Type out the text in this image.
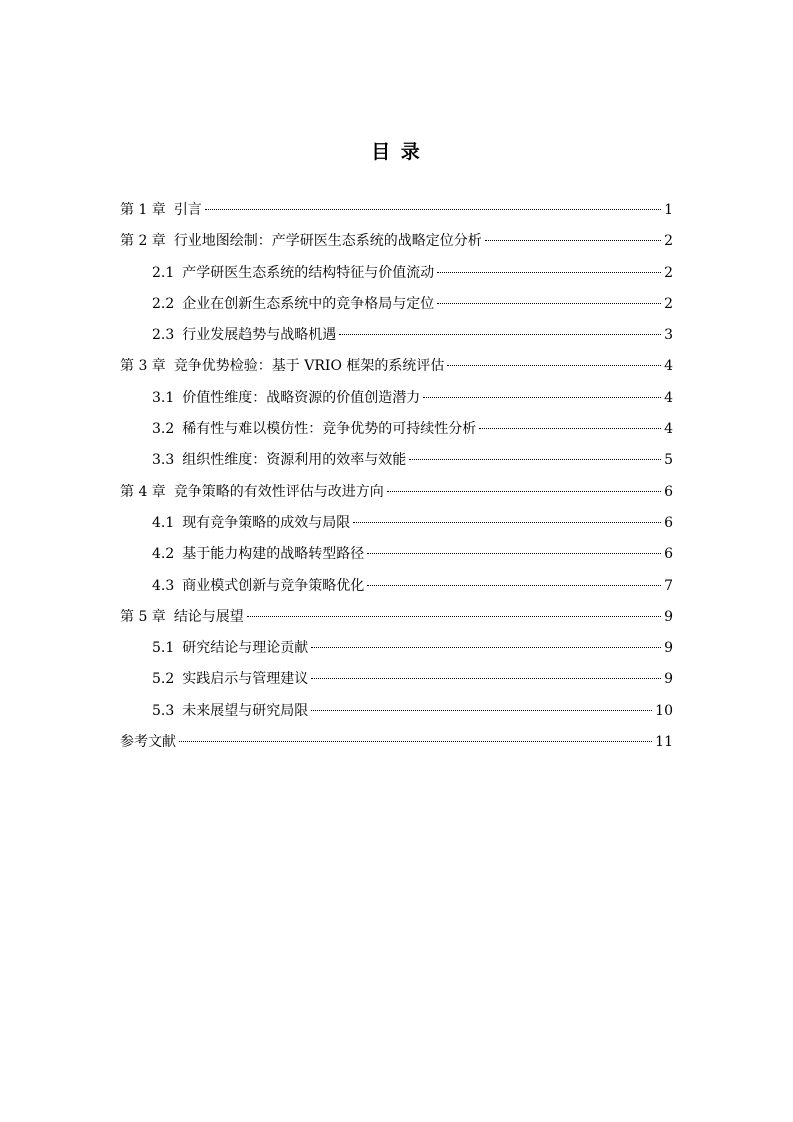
目 录
第 1 章 引言	1
第 2 章 行业地图绘制：产学研医生态系统的战略定位分析	2
2.1 产学研医生态系统的结构特征与价值流动	2
2.2 企业在创新生态系统中的竞争格局与定位	2
2.3 行业发展趋势与战略机遇	3
第 3 章 竞争优势检验：基于 VRIO 框架的系统评估	4
3.1 价值性维度：战略资源的价值创造潜力	4
3.2 稀有性与难以模仿性：竞争优势的可持续性分析	4
3.3 组织性维度：资源利用的效率与效能	5
第 4 章 竞争策略的有效性评估与改进方向	6
4.1 现有竞争策略的成效与局限	6
4.2 基于能力构建的战略转型路径	6
4.3 商业模式创新与竞争策略优化	7
第 5 章 结论与展望	9
5.1 研究结论与理论贡献	9
5.2 实践启示与管理建议	9
5.3 未来展望与研究局限	10
参考文献	11
